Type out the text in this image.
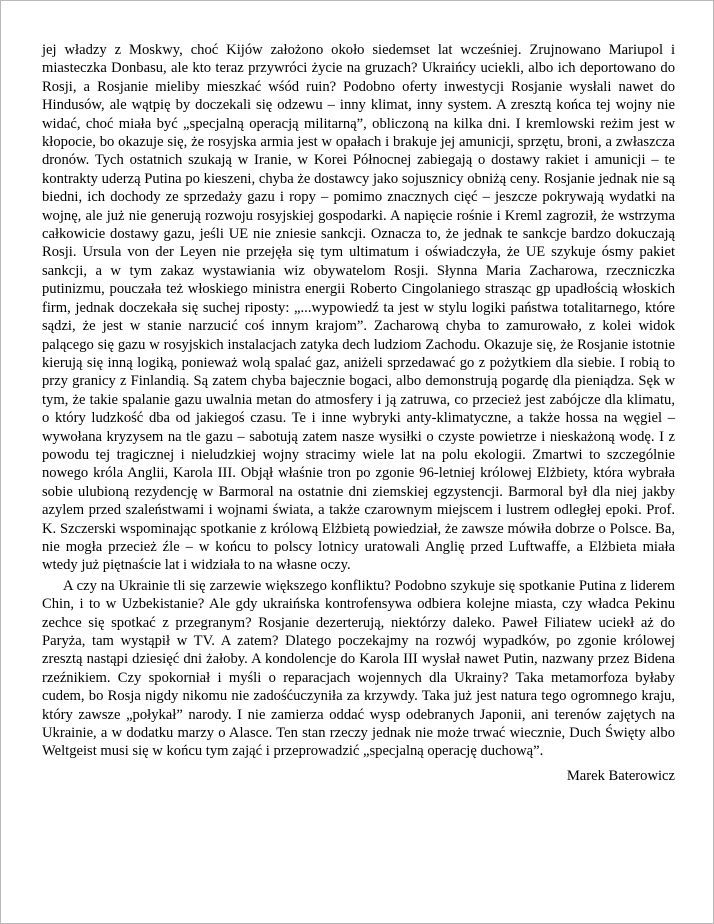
jej władzy z Moskwy, choć Kijów założono około siedemset lat wcześniej. Zrujnowano Mariupol i miasteczka Donbasu, ale kto teraz przywróci życie na gruzach? Ukraińcy uciekli, albo ich deportowano do Rosji, a Rosjanie mieliby mieszkać wśód ruin? Podobno oferty inwestycji Rosjanie wysłali nawet do Hindusów, ale wątpię by doczekali się odzewu – inny klimat, inny system. A zresztą końca tej wojny nie widać, choć miała być „specjalną operacją militarną”, obliczoną na kilka dni. I kremlowski reżim jest w kłopocie, bo okazuje się, że rosyjska armia jest w opałach i brakuje jej amunicji, sprzętu, broni, a zwłaszcza dronów. Tych ostatnich szukają w Iranie, w Korei Północnej zabiegają o dostawy rakiet i amunicji – te kontrakty uderzą Putina po kieszeni, chyba że dostawcy jako sojusznicy obniżą ceny. Rosjanie jednak nie są biedni, ich dochody ze sprzedaży gazu i ropy – pomimo znacznych cięć – jeszcze pokrywają wydatki na wojnę, ale już nie generują rozwoju rosyjskiej gospodarki. A napięcie rośnie i Kreml zagroził, że wstrzyma całkowicie dostawy gazu, jeśli UE nie zniesie sankcji. Oznacza to, że jednak te sankcje bardzo dokuczają Rosji. Ursula von der Leyen nie przejęła się tym ultimatum i oświadczyła, że UE szykuje ósmy pakiet sankcji, a w tym zakaz wystawiania wiz obywatelom Rosji. Słynna Maria Zacharowa, rzeczniczka putinizmu, pouczała też włoskiego ministra energii Roberto Cingolaniego strasząc gp upadłością włoskich firm, jednak doczekała się suchej riposty: „...wypowiedź ta jest w stylu logiki państwa totalitarnego, które sądzi, że jest w stanie narzucić coś innym krajom”. Zacharową chyba to zamurowało, z kolei widok palącego się gazu w rosyjskich instalacjach zatyka dech ludziom Zachodu. Okazuje się, że Rosjanie istotnie kierują się inną logiką, ponieważ wolą spalać gaz, aniżeli sprzedawać go z pożytkiem dla siebie. I robią to przy granicy z Finlandią. Są zatem chyba bajecznie bogaci, albo demonstrują pogardę dla pieniądza. Sęk w tym, że takie spalanie gazu uwalnia metan do atmosfery i ją zatruwa, co przecież jest zabójcze dla klimatu, o który ludzkość dba od jakiegoś czasu. Te i inne wybryki anty-klimatyczne, a także hossa na węgiel – wywołana kryzysem na tle gazu – sabotują zatem nasze wysiłki o czyste powietrze i nieskażoną wodę. I z powodu tej tragicznej i nieludzkiej wojny stracimy wiele lat na polu ekologii. Zmartwi to szczególnie nowego króla Anglii, Karola III. Objął właśnie tron po zgonie 96-letniej królowej Elżbiety, która wybrała sobie ulubioną rezydencję w Barmoral na ostatnie dni ziemskiej egzystencji. Barmoral był dla niej jakby azylem przed szaleństwami i wojnami świata, a także czarownym miejscem i lustrem odległej epoki. Prof. K. Szczerski wspominając spotkanie z królową Elżbietą powiedział, że zawsze mówiła dobrze o Polsce. Ba, nie mogła przecież źle – w końcu to polscy lotnicy uratowali Anglię przed Luftwaffe, a Elżbieta miała wtedy już piętnaście lat i widziała to na własne oczy.

A czy na Ukrainie tli się zarzewie większego konfliktu? Podobno szykuje się spotkanie Putina z liderem Chin, i to w Uzbekistanie? Ale gdy ukraińska kontrofensywa odbiera kolejne miasta, czy władca Pekinu zechce się spotkać z przegranym? Rosjanie dezerterują, niektórzy daleko. Paweł Filiatew uciekł aż do Paryża, tam wystąpił w TV. A zatem? Dlatego poczekajmy na rozwój wypadków, po zgonie królowej zresztą nastąpi dziesięć dni żałoby. A kondolencje do Karola III wysłał nawet Putin, nazwany przez Bidena rzeźnikiem. Czy spokorniał i myśli o reparacjach wojennych dla Ukrainy? Taka metamorfoza byłaby cudem, bo Rosja nigdy nikomu nie zadośćuczyniła za krzywdy. Taka już jest natura tego ogromnego kraju, który zawsze „połykał” narody. I nie zamierza oddać wysp odebranych Japonii, ani terenów zajętych na Ukrainie, a w dodatku marzy o Alasce. Ten stan rzeczy jednak nie może trwać wiecznie, Duch Święty albo Weltgeist musi się w końcu tym zająć i przeprowadzić „specjalną operację duchową”.

Marek Baterowicz
